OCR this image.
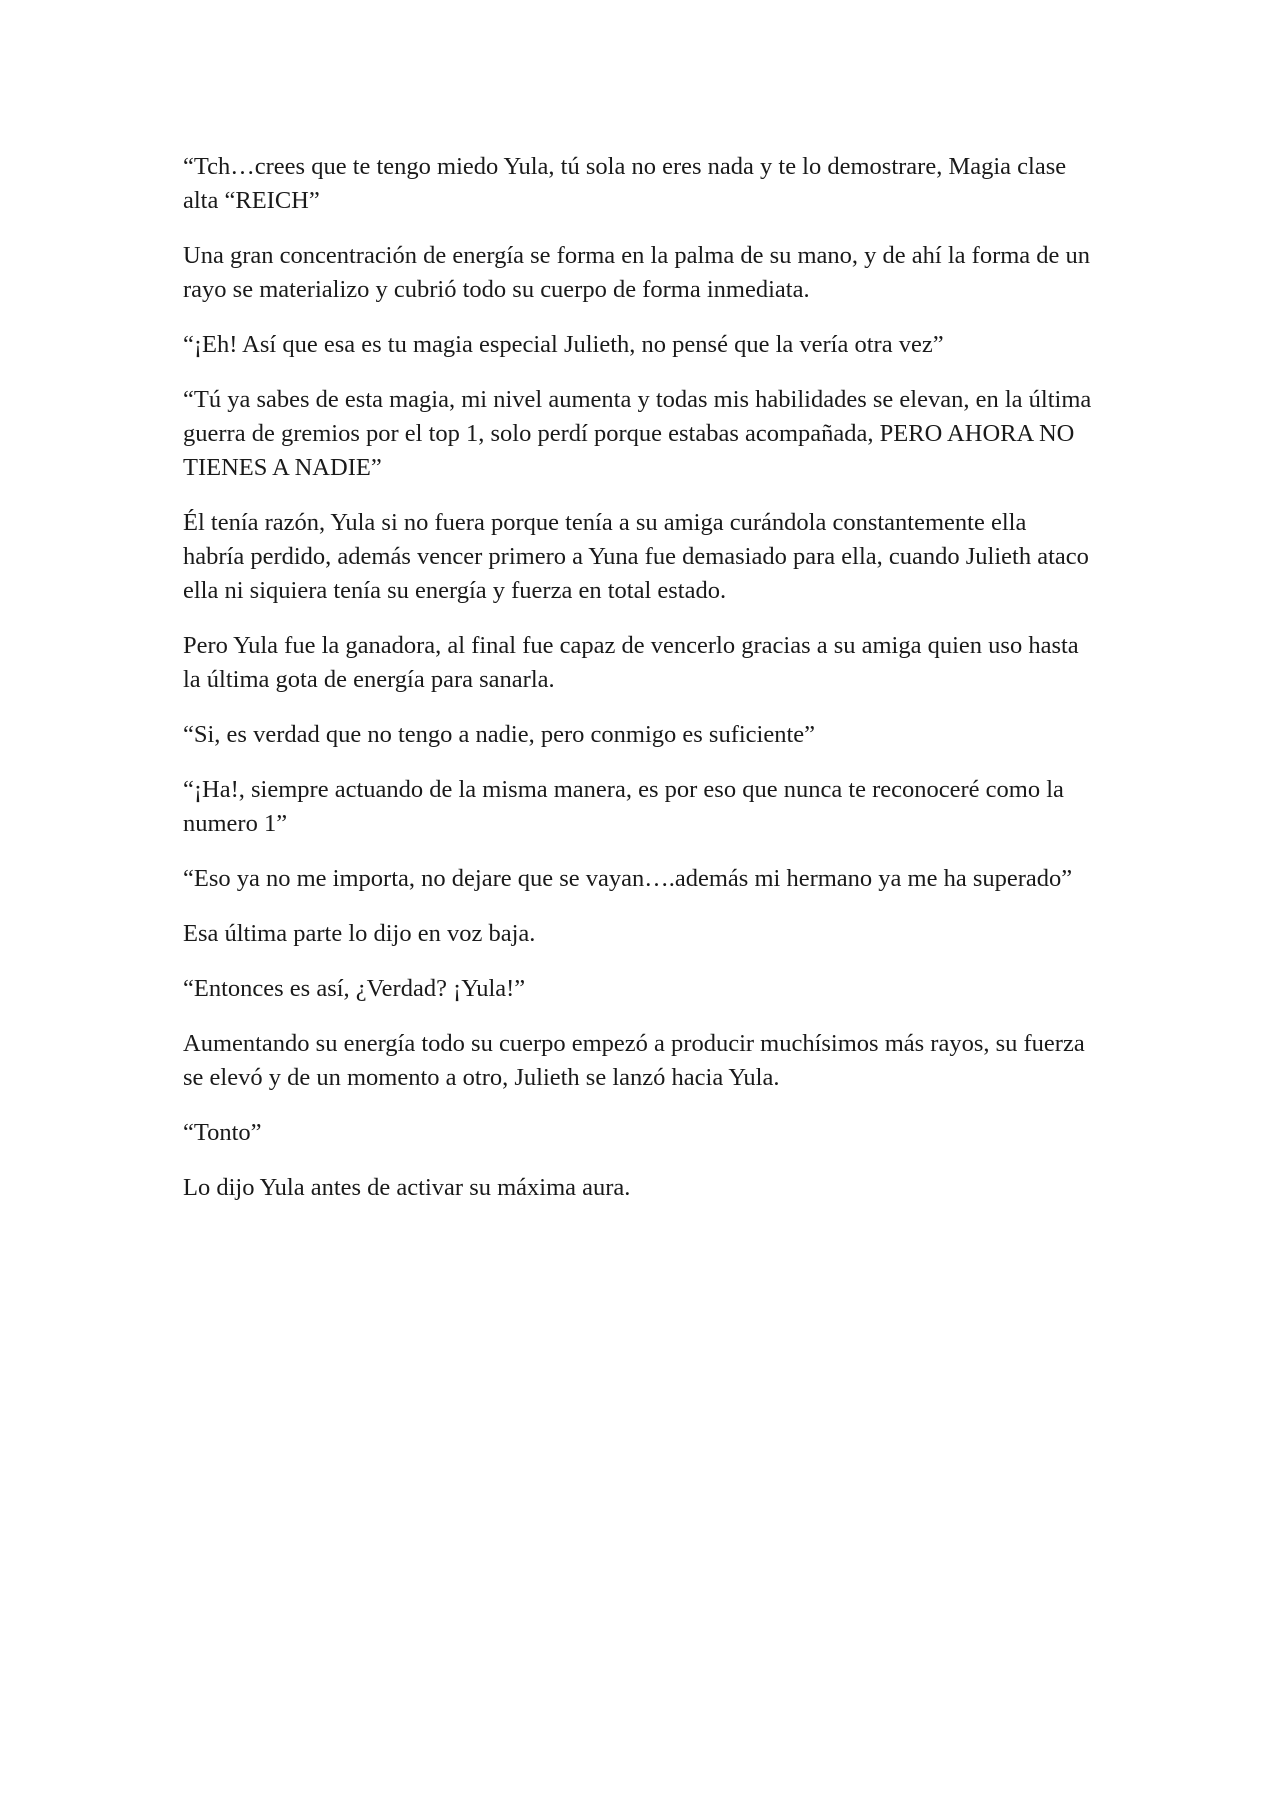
“Tch…crees que te tengo miedo Yula, tú sola no eres nada y te lo demostrare, Magia clase alta “REICH”

Una gran concentración de energía se forma en la palma de su mano, y de ahí la forma de un rayo se materializo y cubrió todo su cuerpo de forma inmediata.

“¡Eh! Así que esa es tu magia especial Julieth, no pensé que la vería otra vez”

“Tú ya sabes de esta magia, mi nivel aumenta y todas mis habilidades se elevan, en la última guerra de gremios por el top 1, solo perdí porque estabas acompañada, PERO AHORA NO TIENES A NADIE”

Él tenía razón, Yula si no fuera porque tenía a su amiga curándola constantemente ella habría perdido, además vencer primero a Yuna fue demasiado para ella, cuando Julieth ataco ella ni siquiera tenía su energía y fuerza en total estado.

Pero Yula fue la ganadora, al final fue capaz de vencerlo gracias a su amiga quien uso hasta la última gota de energía para sanarla.

“Si, es verdad que no tengo a nadie, pero conmigo es suficiente”

“¡Ha!, siempre actuando de la misma manera, es por eso que nunca te reconoceré como la numero 1”

“Eso ya no me importa, no dejare que se vayan….además mi hermano ya me ha superado”

Esa última parte lo dijo en voz baja.

“Entonces es así, ¿Verdad? ¡Yula!”

Aumentando su energía todo su cuerpo empezó a producir muchísimos más rayos, su fuerza se elevó y de un momento a otro, Julieth se lanzó hacia Yula.

“Tonto”

Lo dijo Yula antes de activar su máxima aura.
